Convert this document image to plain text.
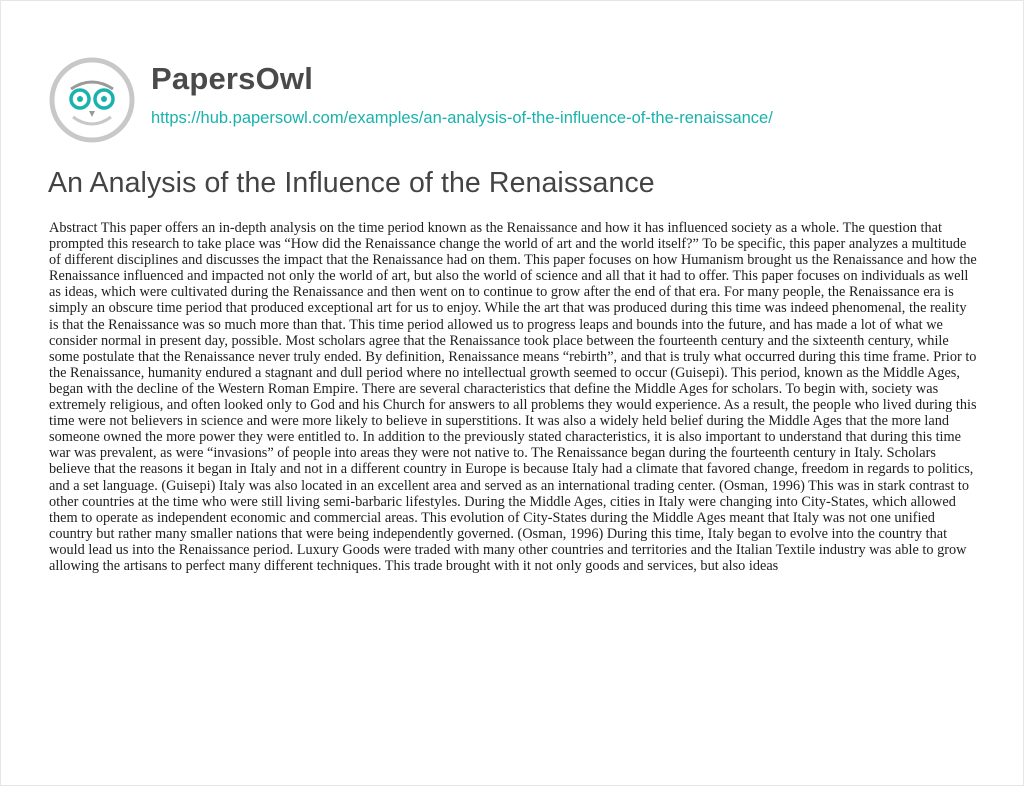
PapersOwl
https://hub.papersowl.com/examples/an-analysis-of-the-influence-of-the-renaissance/
An Analysis of the Influence of the Renaissance

Abstract This paper offers an in-depth analysis on the time period known as the Renaissance and how it has influenced society as a whole. The question that prompted this research to take place was “How did the Renaissance change the world of art and the world itself?” To be specific, this paper analyzes a multitude of different disciplines and discusses the impact that the Renaissance had on them. This paper focuses on how Humanism brought us the Renaissance and how the Renaissance influenced and impacted not only the world of art, but also the world of science and all that it had to offer. This paper focuses on individuals as well as ideas, which were cultivated during the Renaissance and then went on to continue to grow after the end of that era. For many people, the Renaissance era is simply an obscure time period that produced exceptional art for us to enjoy. While the art that was produced during this time was indeed phenomenal, the reality is that the Renaissance was so much more than that. This time period allowed us to progress leaps and bounds into the future, and has made a lot of what we consider normal in present day, possible. Most scholars agree that the Renaissance took place between the fourteenth century and the sixteenth century, while some postulate that the Renaissance never truly ended. By definition, Renaissance means “rebirth”, and that is truly what occurred during this time frame. Prior to the Renaissance, humanity endured a stagnant and dull period where no intellectual growth seemed to occur (Guisepi). This period, known as the Middle Ages, began with the decline of the Western Roman Empire. There are several characteristics that define the Middle Ages for scholars. To begin with, society was extremely religious, and often looked only to God and his Church for answers to all problems they would experience. As a result, the people who lived during this time were not believers in science and were more likely to believe in superstitions. It was also a widely held belief during the Middle Ages that the more land someone owned the more power they were entitled to. In addition to the previously stated characteristics, it is also important to understand that during this time war was prevalent, as were “invasions” of people into areas they were not native to. The Renaissance began during the fourteenth century in Italy. Scholars believe that the reasons it began in Italy and not in a different country in Europe is because Italy had a climate that favored change, freedom in regards to politics, and a set language. (Guisepi) Italy was also located in an excellent area and served as an international trading center. (Osman, 1996) This was in stark contrast to other countries at the time who were still living semi-barbaric lifestyles. During the Middle Ages, cities in Italy were changing into City-States, which allowed them to operate as independent economic and commercial areas. This evolution of City-States during the Middle Ages meant that Italy was not one unified country but rather many smaller nations that were being independently governed. (Osman, 1996) During this time, Italy began to evolve into the country that would lead us into the Renaissance period. Luxury Goods were traded with many other countries and territories and the Italian Textile industry was able to grow allowing the artisans to perfect many different techniques. This trade brought with it not only goods and services, but also ideas
